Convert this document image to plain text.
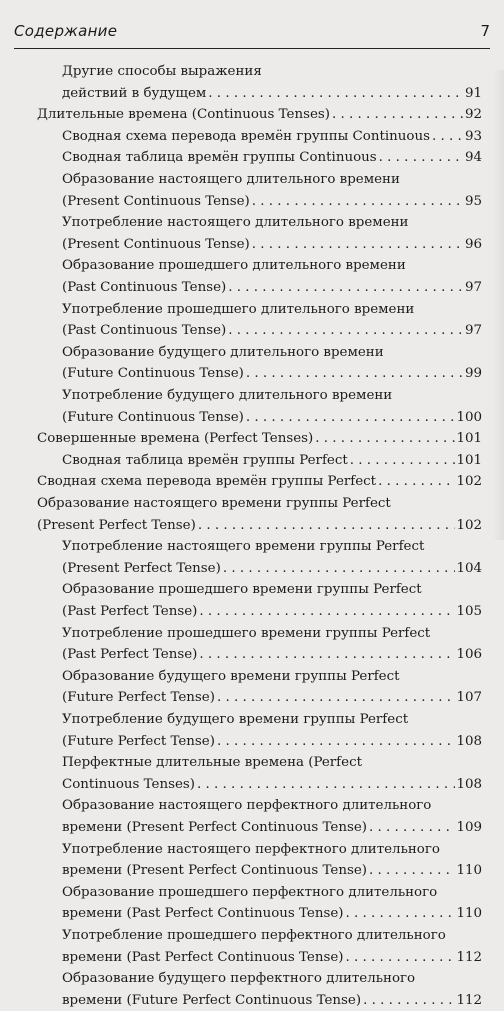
Содержание	7
Другие способы выражения
действий в будущем . . .	91
Длительные времена (Continuous Tenses) . . .	92
Сводная схема перевода времён группы Continuous . . .	93
Сводная таблица времён группы Continuous . . .	94
Образование настоящего длительного времени
(Present Continuous Tense) . . .	95
Употребление настоящего длительного времени
(Present Continuous Tense) . . .	96
Образование прошедшего длительного времени
(Past Continuous Tense) . . .	97
Употребление прошедшего длительного времени
(Past Continuous Tense) . . .	97
Образование будущего длительного времени
(Future Continuous Tense) . . .	99
Употребление будущего длительного времени
(Future Continuous Tense) . . .	100
Совершенные времена (Perfect Tenses) . . .	101
Сводная таблица времён группы Perfect . . .	101
Сводная схема перевода времён группы Perfect . . .	102
Образование настоящего времени группы Perfect
(Present Perfect Tense) . . .	102
Употребление настоящего времени группы Perfect
(Present Perfect Tense) . . .	104
Образование прошедшего времени группы Perfect
(Past Perfect Tense) . . .	105
Употребление прошедшего времени группы Perfect
(Past Perfect Tense) . . .	106
Образование будущего времени группы Perfect
(Future Perfect Tense) . . .	107
Употребление будущего времени группы Perfect
(Future Perfect Tense) . . .	108
Перфектные длительные времена (Perfect
Continuous Tenses) . . .	108
Образование настоящего перфектного длительного
времени (Present Perfect Continuous Tense) . . .	109
Употребление настоящего перфектного длительного
времени (Present Perfect Continuous Tense) . . .	110
Образование прошедшего перфектного длительного
времени (Past Perfect Continuous Tense) . . .	110
Употребление прошедшего перфектного длительного
времени (Past Perfect Continuous Tense) . . .	112
Образование будущего перфектного длительного
времени (Future Perfect Continuous Tense) . . .	112
